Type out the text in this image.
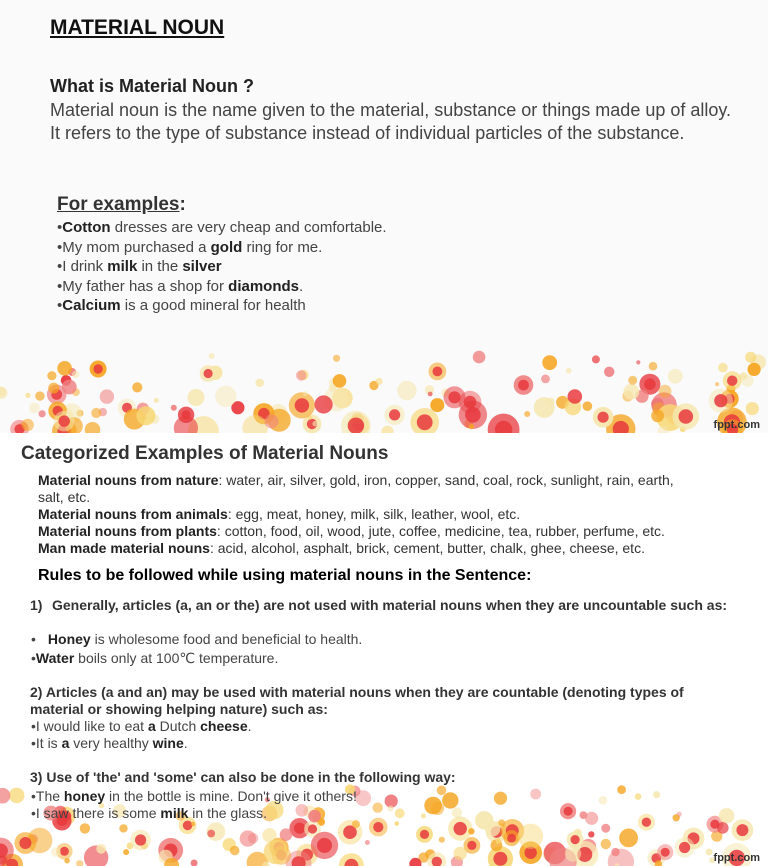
MATERIAL NOUN
What is Material Noun ?

Material noun is the name given to the material, substance or things made up of alloy. It refers to the type of substance instead of individual particles of the substance.

For examples:

•Cotton dresses are very cheap and comfortable.
•My mom purchased a gold ring for me.
•I drink milk in the silver
•My father has a shop for diamonds.
•Calcium is a good mineral for health
fppt.com
Categorized Examples of Material Nouns

Material nouns from nature: water, air, silver, gold, iron, copper, sand, coal, rock, sunlight, rain, earth, salt, etc.

Material nouns from animals: egg, meat, honey, milk, silk, leather, wool, etc.

Material nouns from plants: cotton, food, oil, wood, jute, coffee, medicine, tea, rubber, perfume, etc.

Man made material nouns: acid, alcohol, asphalt, brick, cement, butter, chalk, ghee, cheese, etc.

Rules to be followed while using material nouns in the Sentence:
1) Generally, articles (a, an or the) are not used with material nouns when they are uncountable such as:

• Honey is wholesome food and beneficial to health.

•Water boils only at 100℃ temperature.

2) Articles (a and an) may be used with material nouns when they are countable (denoting types of material or showing helping nature) such as:

•I would like to eat a Dutch cheese.

•It is a very healthy wine.

3) Use of 'the' and 'some' can also be done in the following way:

•The honey in the bottle is mine. Don't give it others!

•I saw there is some milk in the glass.

fppt.com
